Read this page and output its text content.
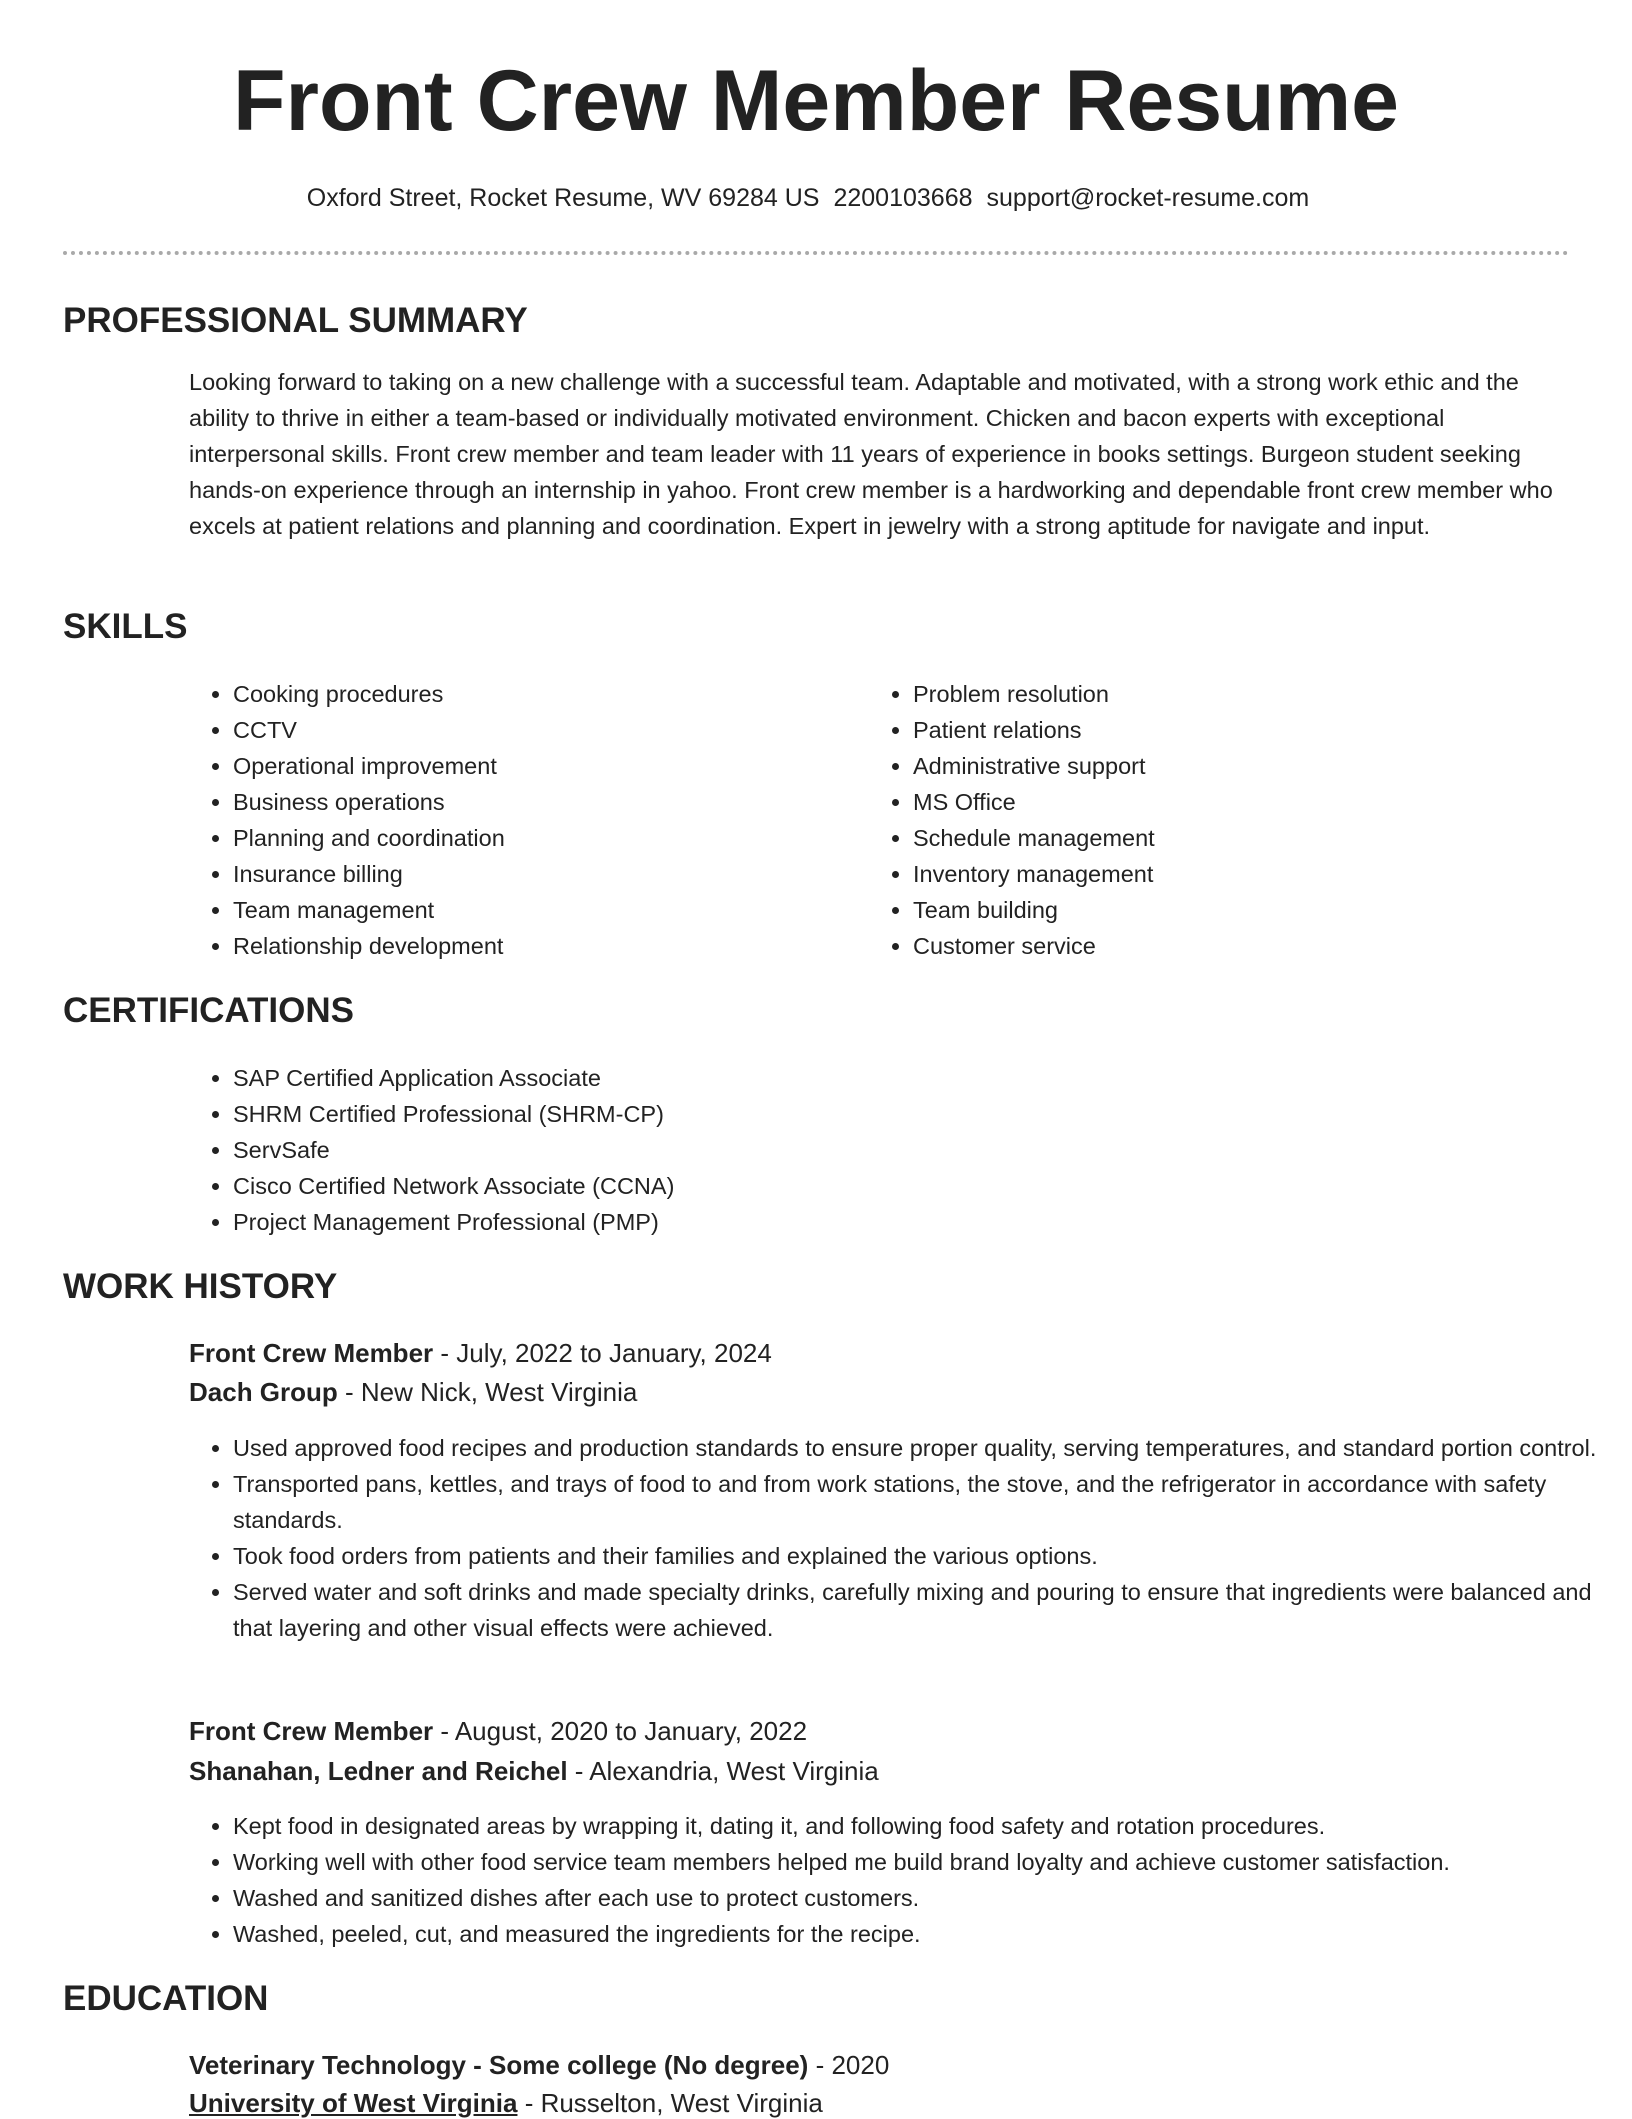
Front Crew Member Resume
Oxford Street, Rocket Resume, WV 69284 US 2200103668 support@rocket-resume.com
PROFESSIONAL SUMMARY

Looking forward to taking on a new challenge with a successful team. Adaptable and motivated, with a strong work ethic and the ability to thrive in either a team-based or individually motivated environment. Chicken and bacon experts with exceptional interpersonal skills. Front crew member and team leader with 11 years of experience in books settings. Burgeon student seeking hands-on experience through an internship in yahoo. Front crew member is a hardworking and dependable front crew member who excels at patient relations and planning and coordination. Expert in jewelry with a strong aptitude for navigate and input.

SKILLS
• Cooking procedures
• CCTV
• Operational improvement
• Business operations
• Planning and coordination
• Insurance billing
• Team management
• Relationship development
• Problem resolution
• Patient relations
• Administrative support
• MS Office
• Schedule management
• Inventory management
• Team building
• Customer service
CERTIFICATIONS
• SAP Certified Application Associate
• SHRM Certified Professional (SHRM-CP)
• ServSafe
• Cisco Certified Network Associate (CCNA)
• Project Management Professional (PMP)
WORK HISTORY
Front Crew Member - July, 2022 to January, 2024
Dach Group - New Nick, West Virginia
• Used approved food recipes and production standards to ensure proper quality, serving temperatures, and standard portion control.
• Transported pans, kettles, and trays of food to and from work stations, the stove, and the refrigerator in accordance with safety standards.
• Took food orders from patients and their families and explained the various options.
• Served water and soft drinks and made specialty drinks, carefully mixing and pouring to ensure that ingredients were balanced and that layering and other visual effects were achieved.
Front Crew Member - August, 2020 to January, 2022
Shanahan, Ledner and Reichel - Alexandria, West Virginia
• Kept food in designated areas by wrapping it, dating it, and following food safety and rotation procedures.
• Working well with other food service team members helped me build brand loyalty and achieve customer satisfaction.
• Washed and sanitized dishes after each use to protect customers.
• Washed, peeled, cut, and measured the ingredients for the recipe.
EDUCATION
Veterinary Technology - Some college (No degree) - 2020
University of West Virginia - Russelton, West Virginia
